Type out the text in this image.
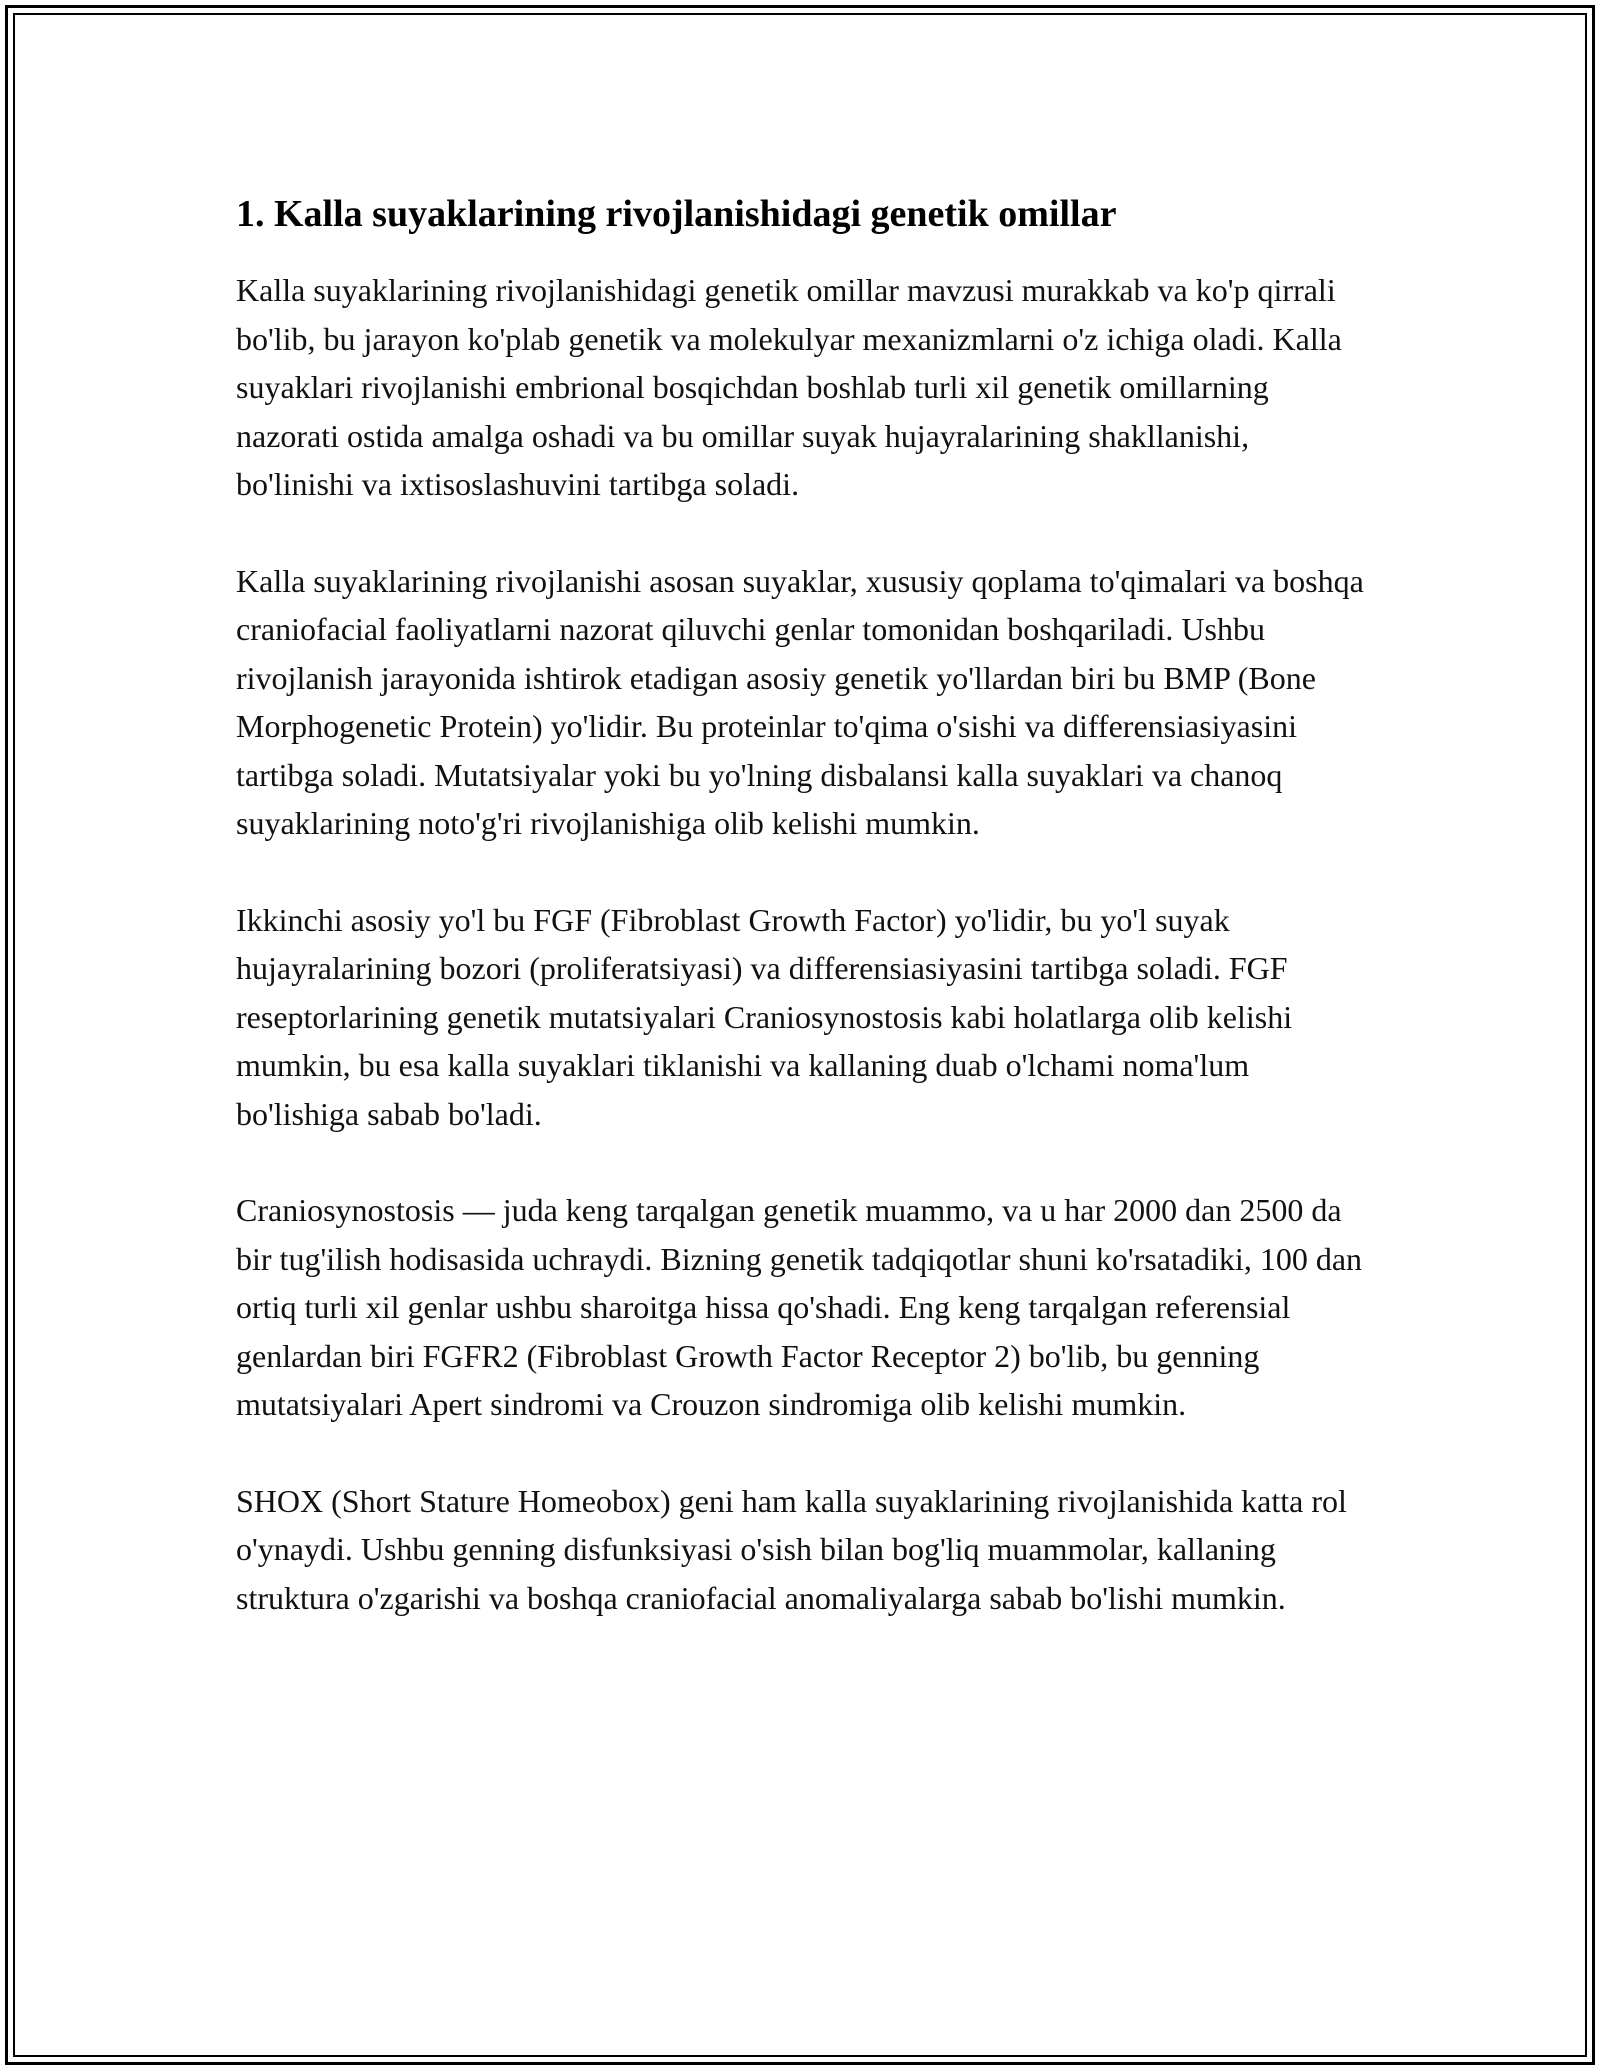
1. Kalla suyaklarining rivojlanishidagi genetik omillar

Kalla suyaklarining rivojlanishidagi genetik omillar mavzusi murakkab va ko'p qirrali bo'lib, bu jarayon ko'plab genetik va molekulyar mexanizmlarni o'z ichiga oladi. Kalla suyaklari rivojlanishi embrional bosqichdan boshlab turli xil genetik omillarning nazorati ostida amalga oshadi va bu omillar suyak hujayralarining shakllanishi, bo'linishi va ixtisoslashuvini tartibga soladi.

Kalla suyaklarining rivojlanishi asosan suyaklar, xususiy qoplama to'qimalari va boshqa craniofacial faoliyatlarni nazorat qiluvchi genlar tomonidan boshqariladi. Ushbu rivojlanish jarayonida ishtirok etadigan asosiy genetik yo'llardan biri bu BMP (Bone Morphogenetic Protein) yo'lidir. Bu proteinlar to'qima o'sishi va differensiasiyasini tartibga soladi. Mutatsiyalar yoki bu yo'lning disbalansi kalla suyaklari va chanoq suyaklarining noto'g'ri rivojlanishiga olib kelishi mumkin.

Ikkinchi asosiy yo'l bu FGF (Fibroblast Growth Factor) yo'lidir, bu yo'l suyak hujayralarining bozori (proliferatsiyasi) va differensiasiyasini tartibga soladi. FGF reseptorlarining genetik mutatsiyalari Craniosynostosis kabi holatlarga olib kelishi mumkin, bu esa kalla suyaklari tiklanishi va kallaning duab o'lchami noma'lum bo'lishiga sabab bo'ladi.

Craniosynostosis — juda keng tarqalgan genetik muammo, va u har 2000 dan 2500 da bir tug'ilish hodisasida uchraydi. Bizning genetik tadqiqotlar shuni ko'rsatadiki, 100 dan ortiq turli xil genlar ushbu sharoitga hissa qo'shadi. Eng keng tarqalgan referensial genlardan biri FGFR2 (Fibroblast Growth Factor Receptor 2) bo'lib, bu genning mutatsiyalari Apert sindromi va Crouzon sindromiga olib kelishi mumkin.

SHOX (Short Stature Homeobox) geni ham kalla suyaklarining rivojlanishida katta rol o'ynaydi. Ushbu genning disfunksiyasi o'sish bilan bog'liq muammolar, kallaning struktura o'zgarishi va boshqa craniofacial anomaliyalarga sabab bo'lishi mumkin.
